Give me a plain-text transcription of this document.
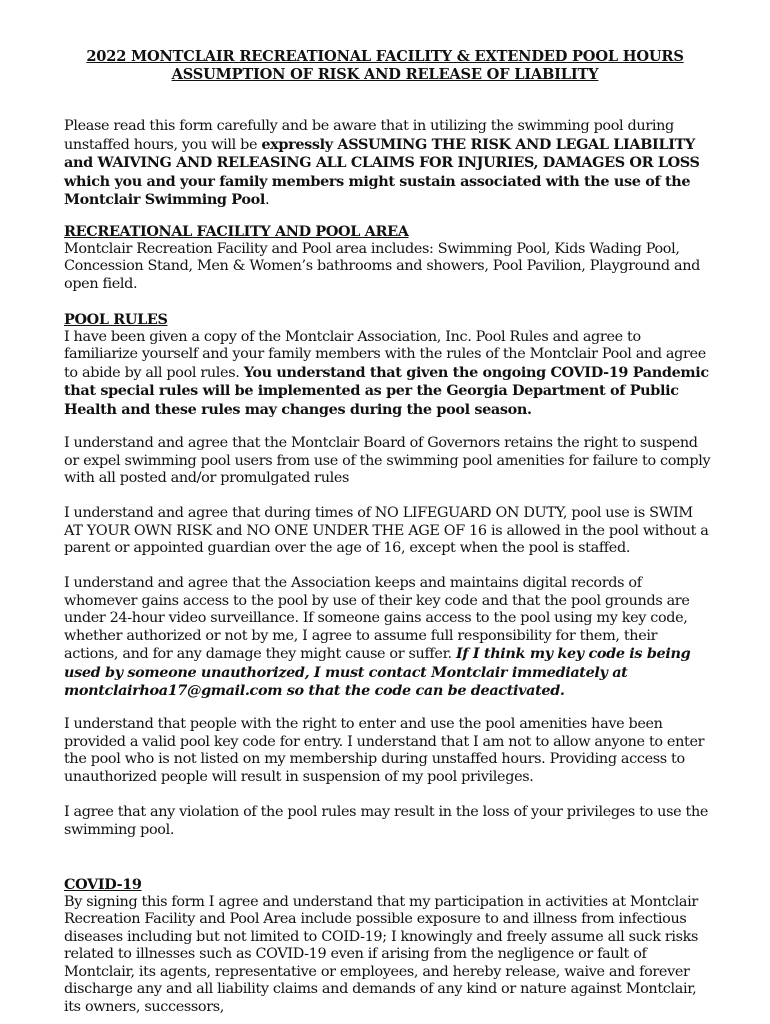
2022 MONTCLAIR RECREATIONAL FACILITY & EXTENDED POOL HOURS
ASSUMPTION OF RISK AND RELEASE OF LIABILITY

Please read this form carefully and be aware that in utilizing the swimming pool during unstaffed hours, you will be expressly ASSUMING THE RISK AND LEGAL LIABILITY and WAIVING AND RELEASING ALL CLAIMS FOR INJURIES, DAMAGES OR LOSS which you and your family members might sustain associated with the use of the Montclair Swimming Pool.

RECREATIONAL FACILITY AND POOL AREA

Montclair Recreation Facility and Pool area includes: Swimming Pool, Kids Wading Pool, Concession Stand, Men & Women’s bathrooms and showers, Pool Pavilion, Playground and open field.

POOL RULES

I have been given a copy of the Montclair Association, Inc. Pool Rules and agree to familiarize yourself and your family members with the rules of the Montclair Pool and agree to abide by all pool rules. You understand that given the ongoing COVID-19 Pandemic that special rules will be implemented as per the Georgia Department of Public Health and these rules may changes during the pool season.

I understand and agree that the Montclair Board of Governors retains the right to suspend or expel swimming pool users from use of the swimming pool amenities for failure to comply with all posted and/or promulgated rules

I understand and agree that during times of NO LIFEGUARD ON DUTY, pool use is SWIM AT YOUR OWN RISK and NO ONE UNDER THE AGE OF 16 is allowed in the pool without a parent or appointed guardian over the age of 16, except when the pool is staffed.

I understand and agree that the Association keeps and maintains digital records of whomever gains access to the pool by use of their key code and that the pool grounds are under 24-hour video surveillance. If someone gains access to the pool using my key code, whether authorized or not by me, I agree to assume full responsibility for them, their actions, and for any damage they might cause or suffer. If I think my key code is being used by someone unauthorized, I must contact Montclair immediately at montclairhoa17@gmail.com so that the code can be deactivated.

I understand that people with the right to enter and use the pool amenities have been provided a valid pool key code for entry. I understand that I am not to allow anyone to enter the pool who is not listed on my membership during unstaffed hours. Providing access to unauthorized people will result in suspension of my pool privileges.

I agree that any violation of the pool rules may result in the loss of your privileges to use the swimming pool.

COVID-19

By signing this form I agree and understand that my participation in activities at Montclair Recreation Facility and Pool Area include possible exposure to and illness from infectious diseases including but not limited to COID-19; I knowingly and freely assume all suck risks related to illnesses such as COVID-19 even if arising from the negligence or fault of Montclair, its agents, representative or employees, and hereby release, waive and forever discharge any and all liability claims and demands of any kind or nature against Montclair, its owners, successors,
